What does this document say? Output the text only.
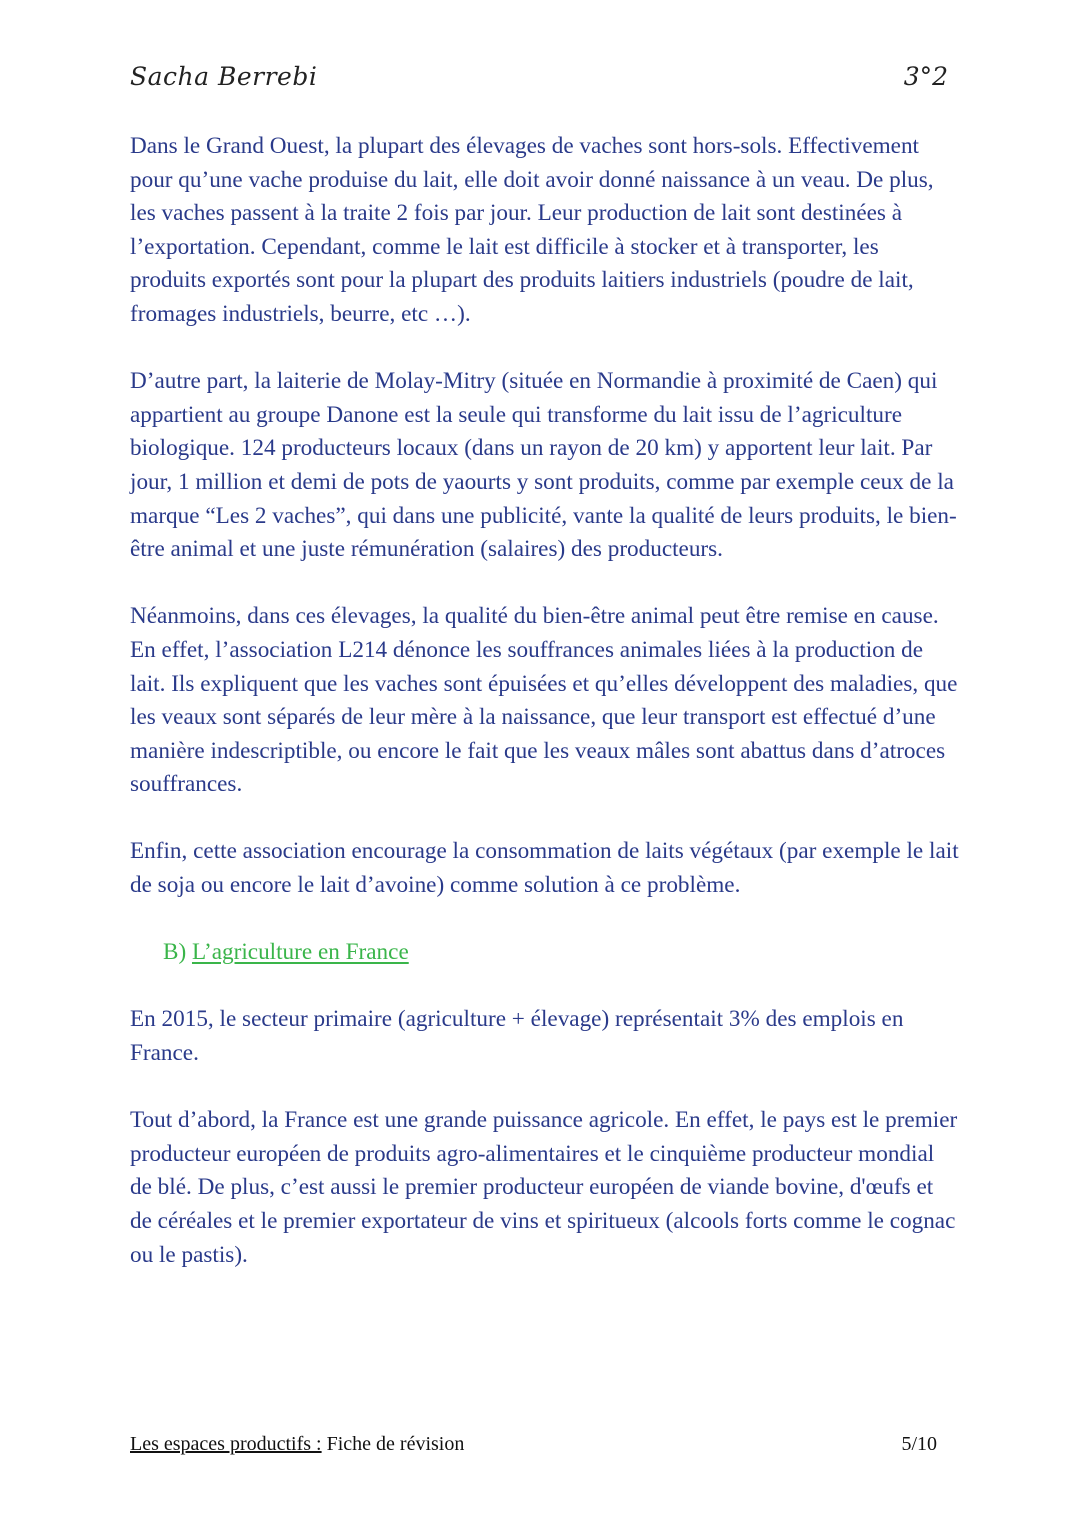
Sacha Berrebi	3°2

Dans le Grand Ouest, la plupart des élevages de vaches sont hors-sols. Effectivement pour qu’une vache produise du lait, elle doit avoir donné naissance à un veau. De plus, les vaches passent à la traite 2 fois par jour. Leur production de lait sont destinées à l’exportation. Cependant, comme le lait est difficile à stocker et à transporter, les produits exportés sont pour la plupart des produits laitiers industriels (poudre de lait, fromages industriels, beurre, etc …).

D’autre part, la laiterie de Molay-Mitry (située en Normandie à proximité de Caen) qui appartient au groupe Danone est la seule qui transforme du lait issu de l’agriculture biologique. 124 producteurs locaux (dans un rayon de 20 km) y apportent leur lait. Par jour, 1 million et demi de pots de yaourts y sont produits, comme par exemple ceux de la marque “Les 2 vaches”, qui dans une publicité, vante la qualité de leurs produits, le bien-être animal et une juste rémunération (salaires) des producteurs.

Néanmoins, dans ces élevages, la qualité du bien-être animal peut être remise en cause. En effet, l’association L214 dénonce les souffrances animales liées à la production de lait. Ils expliquent que les vaches sont épuisées et qu’elles développent des maladies, que les veaux sont séparés de leur mère à la naissance, que leur transport est effectué d’une manière indescriptible, ou encore le fait que les veaux mâles sont abattus dans d’atroces souffrances.

Enfin, cette association encourage la consommation de laits végétaux (par exemple le lait de soja ou encore le lait d’avoine) comme solution à ce problème.

B) L’agriculture en France

En 2015, le secteur primaire (agriculture + élevage) représentait 3% des emplois en France.

Tout d’abord, la France est une grande puissance agricole. En effet, le pays est le premier producteur européen de produits agro-alimentaires et le cinquième producteur mondial de blé. De plus, c’est aussi le premier producteur européen de viande bovine, d'œufs et de céréales et le premier exportateur de vins et spiritueux (alcools forts comme le cognac ou le pastis).

Les espaces productifs : Fiche de révision	5/10
